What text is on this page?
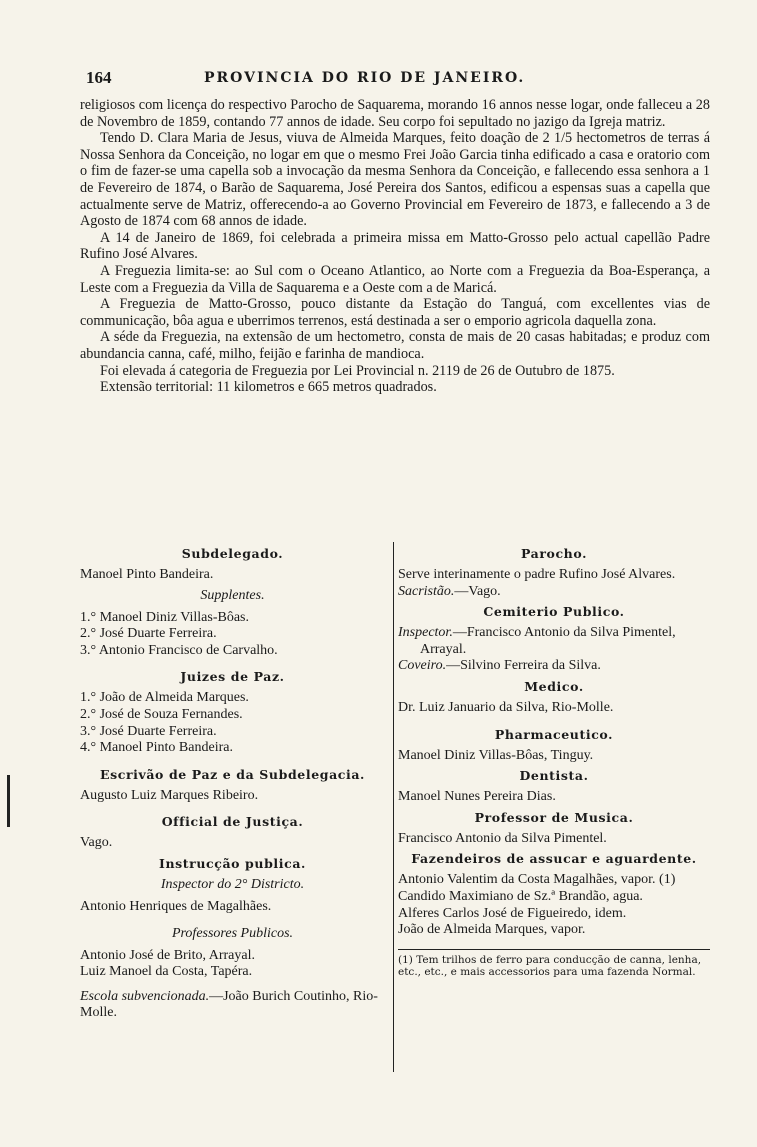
164	PROVINCIA DO RIO DE JANEIRO.

religiosos com licença do respectivo Parocho de Saquarema, morando 16 annos nesse logar, onde falleceu a 28 de Novembro de 1859, contando 77 annos de idade. Seu corpo foi sepultado no jazigo da Igreja matriz.

Tendo D. Clara Maria de Jesus, viuva de Almeida Marques, feito doação de 2 1/5 hectometros de terras á Nossa Senhora da Conceição, no logar em que o mesmo Frei João Garcia tinha edificado a casa e oratorio com o fim de fazer-se uma capella sob a invocação da mesma Senhora da Conceição, e fallecendo essa senhora a 1 de Fevereiro de 1874, o Barão de Saquarema, José Pereira dos Santos, edificou a espensas suas a capella que actualmente serve de Matriz, offerecendo-a ao Governo Provincial em Fevereiro de 1873, e fallecendo a 3 de Agosto de 1874 com 68 annos de idade.

A 14 de Janeiro de 1869, foi celebrada a primeira missa em Matto-Grosso pelo actual capellão Padre Rufino José Alvares.

A Freguezia limita-se: ao Sul com o Oceano Atlantico, ao Norte com a Freguezia da Boa-Esperança, a Leste com a Freguezia da Villa de Saquarema e a Oeste com a de Maricá.

A Freguezia de Matto-Grosso, pouco distante da Estação do Tanguá, com excellentes vias de communicação, bôa agua e uberrimos terrenos, está destinada a ser o emporio agricola daquella zona.

A séde da Freguezia, na extensão de um hectometro, consta de mais de 20 casas habitadas; e produz com abundancia canna, café, milho, feijão e farinha de mandioca.

Foi elevada á categoria de Freguezia por Lei Provincial n. 2119 de 26 de Outubro de 1875.

Extensão territorial: 11 kilometros e 665 metros quadrados.

Subdelegado.

Manoel Pinto Bandeira.

Supplentes.

1.° Manoel Diniz Villas-Bôas.

2.° José Duarte Ferreira.

3.° Antonio Francisco de Carvalho.

Juizes de Paz.

1.° João de Almeida Marques.

2.° José de Souza Fernandes.

3.° José Duarte Ferreira.

4.° Manoel Pinto Bandeira.

Escrivão de Paz e da Subdelegacia.

Augusto Luiz Marques Ribeiro.

Official de Justiça.

Vago.

Instrucção publica.
Inspector do 2° Districto.

Antonio Henriques de Magalhães.

Professores Publicos.

Antonio José de Brito, Arrayal.

Luiz Manoel da Costa, Tapéra.

Escola subvencionada.—João Burich Coutinho, Rio-Molle.

Parocho.

Serve interinamente o padre Rufino José Alvares.

Sacristão.—Vago.

Cemiterio Publico.

Inspector.—Francisco Antonio da Silva Pimentel, Arrayal.

Coveiro.—Silvino Ferreira da Silva.

Medico.

Dr. Luiz Januario da Silva, Rio-Molle.

Pharmaceutico.

Manoel Diniz Villas-Bôas, Tinguy.

Dentista.

Manoel Nunes Pereira Dias.

Professor de Musica.

Francisco Antonio da Silva Pimentel.

Fazendeiros de assucar e aguardente.

Antonio Valentim da Costa Magalhães, vapor. (1)

Candido Maximiano de Sz.ª Brandão, agua.

Alferes Carlos José de Figueiredo, idem.

João de Almeida Marques, vapor.

(1) Tem trilhos de ferro para conducção de canna, lenha, etc., etc., e mais accessorios para uma fazenda Normal.
